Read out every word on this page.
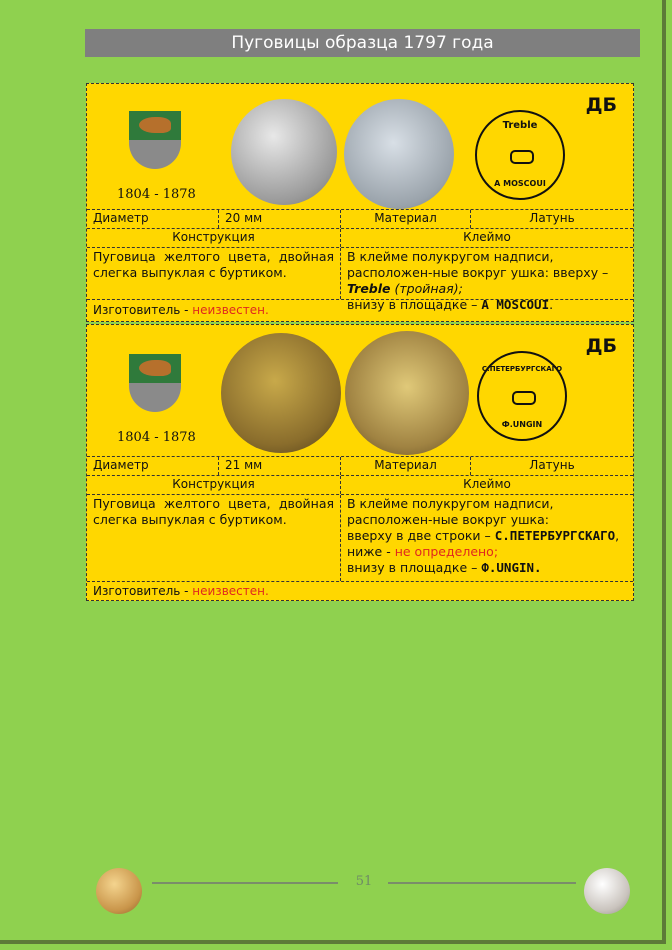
Пуговицы образца 1797 года
1804 - 1878
Treble
A MOSCOUI
ДБ
Диаметр	20 мм	Материал	Латунь
Конструкция	Клеймо
Пуговица желтого цвета, двойная слегка выпуклая с буртиком.
В клейме полукругом надписи, расположен-ные вокруг ушка: вверху – Treble (тройная);
внизу в площадке – A MOSCOUI.
Изготовитель - неизвестен.
1804 - 1878
С.ПЕТЕРБУРГСКАГО
Ф.UNGIN
ДБ
Диаметр	21 мм	Материал	Латунь
Конструкция	Клеймо
Пуговица желтого цвета, двойная слегка выпуклая с буртиком.
В клейме полукругом надписи, расположен-ные вокруг ушка:
вверху в две строки – С.ПЕТЕРБУРГСКАГО,
ниже - не определено;
внизу в площадке – Ф.UNGIN.
Изготовитель - неизвестен.
51
